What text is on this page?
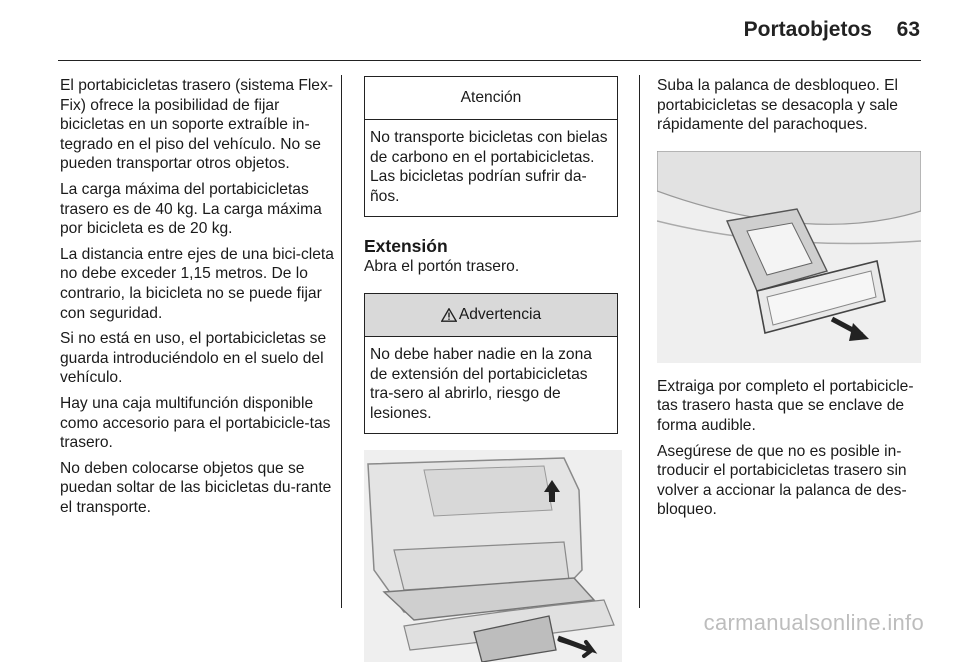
Portaobjetos 63

El portabicicletas trasero (sistema Flex-Fix) ofrece la posibilidad de fijar bicicletas en un soporte extraíble in-tegrado en el piso del vehículo. No se pueden transportar otros objetos.

La carga máxima del portabicicletas trasero es de 40 kg. La carga máxima por bicicleta es de 20 kg.

La distancia entre ejes de una bici-cleta no debe exceder 1,15 metros. De lo contrario, la bicicleta no se puede fijar con seguridad.

Si no está en uso, el portabicicletas se guarda introduciéndolo en el suelo del vehículo.

Hay una caja multifunción disponible como accesorio para el portabicicle-tas trasero.

No deben colocarse objetos que se puedan soltar de las bicicletas du-rante el transporte.

Atención
No transporte bicicletas con bielas de carbono en el portabicicletas. Las bicicletas podrían sufrir da-ños.
Extensión
Abra el portón trasero.
Advertencia
No debe haber nadie en la zona de extensión del portabicicletas tra-sero al abrirlo, riesgo de lesiones.

Suba la palanca de desbloqueo. El portabicicletas se desacopla y sale rápidamente del parachoques.

Extraiga por completo el portabicicle-tas trasero hasta que se enclave de forma audible.

Asegúrese de que no es posible in-troducir el portabicicletas trasero sin volver a accionar la palanca de des-bloqueo.

carmanualsonline.info
